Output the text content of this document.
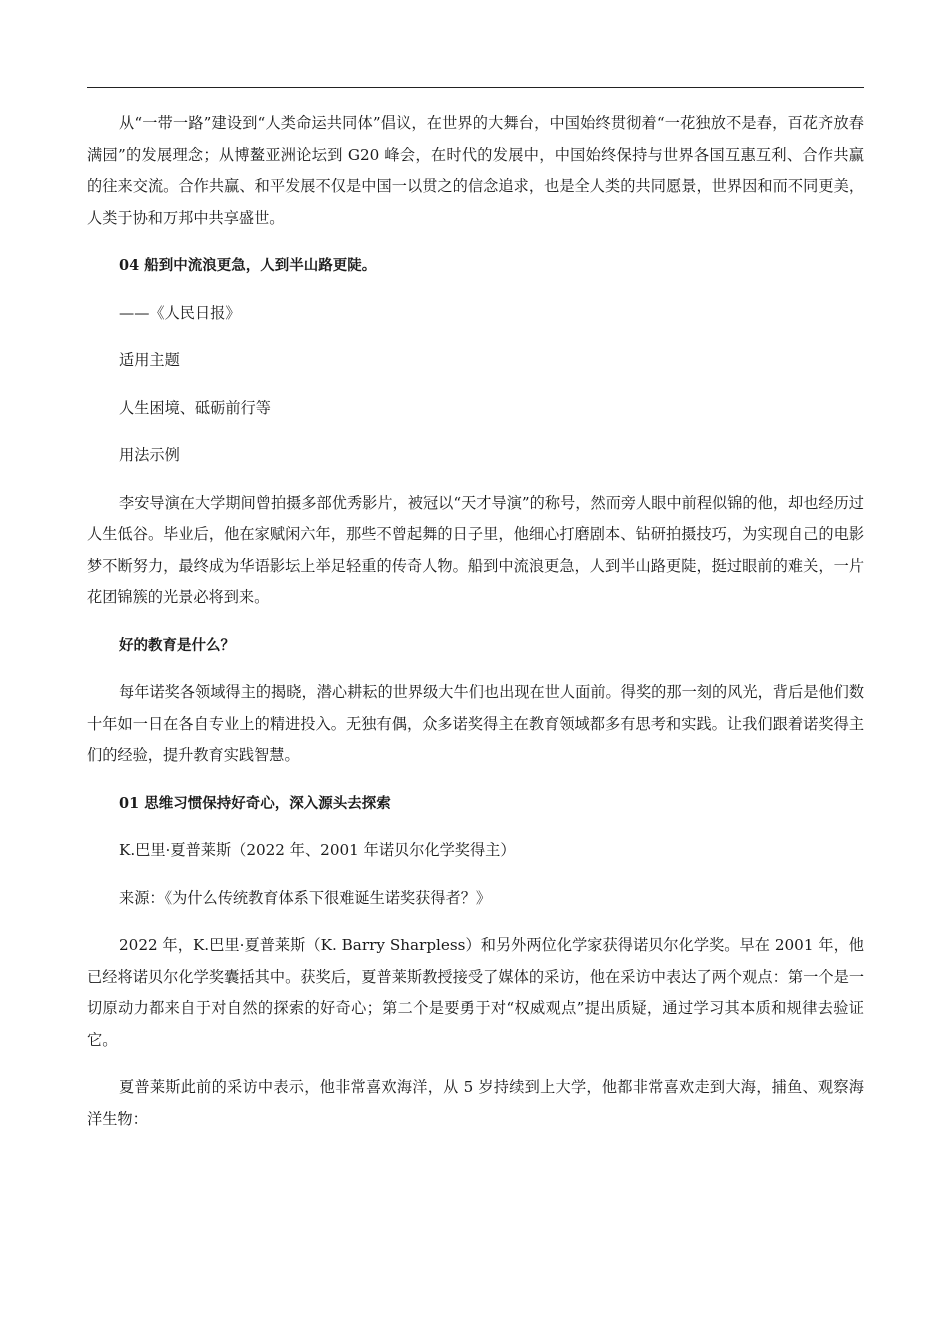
从“一带一路”建设到“人类命运共同体”倡议，在世界的大舞台，中国始终贯彻着“一花独放不是春，百花齐放春满园”的发展理念；从博鳌亚洲论坛到 G20 峰会，在时代的发展中，中国始终保持与世界各国互惠互利、合作共赢的往来交流。合作共赢、和平发展不仅是中国一以贯之的信念追求，也是全人类的共同愿景，世界因和而不同更美，人类于协和万邦中共享盛世。

04 船到中流浪更急，人到半山路更陡。

——《人民日报》

适用主题

人生困境、砥砺前行等

用法示例

李安导演在大学期间曾拍摄多部优秀影片，被冠以“天才导演”的称号，然而旁人眼中前程似锦的他，却也经历过人生低谷。毕业后，他在家赋闲六年，那些不曾起舞的日子里，他细心打磨剧本、钻研拍摄技巧，为实现自己的电影梦不断努力，最终成为华语影坛上举足轻重的传奇人物。船到中流浪更急，人到半山路更陡，挺过眼前的难关，一片花团锦簇的光景必将到来。

好的教育是什么？

每年诺奖各领域得主的揭晓，潜心耕耘的世界级大牛们也出现在世人面前。得奖的那一刻的风光，背后是他们数十年如一日在各自专业上的精进投入。无独有偶，众多诺奖得主在教育领域都多有思考和实践。让我们跟着诺奖得主们的经验，提升教育实践智慧。

01 思维习惯保持好奇心，深入源头去探索

K.巴里·夏普莱斯（2022 年、2001 年诺贝尔化学奖得主）

来源：《为什么传统教育体系下很难诞生诺奖获得者？》

2022 年，K.巴里·夏普莱斯（K. Barry Sharpless）和另外两位化学家获得诺贝尔化学奖。早在 2001 年，他已经将诺贝尔化学奖囊括其中。获奖后，夏普莱斯教授接受了媒体的采访，他在采访中表达了两个观点：第一个是一切原动力都来自于对自然的探索的好奇心；第二个是要勇于对“权威观点”提出质疑，通过学习其本质和规律去验证它。

夏普莱斯此前的采访中表示，他非常喜欢海洋，从 5 岁持续到上大学，他都非常喜欢走到大海，捕鱼、观察海洋生物：
